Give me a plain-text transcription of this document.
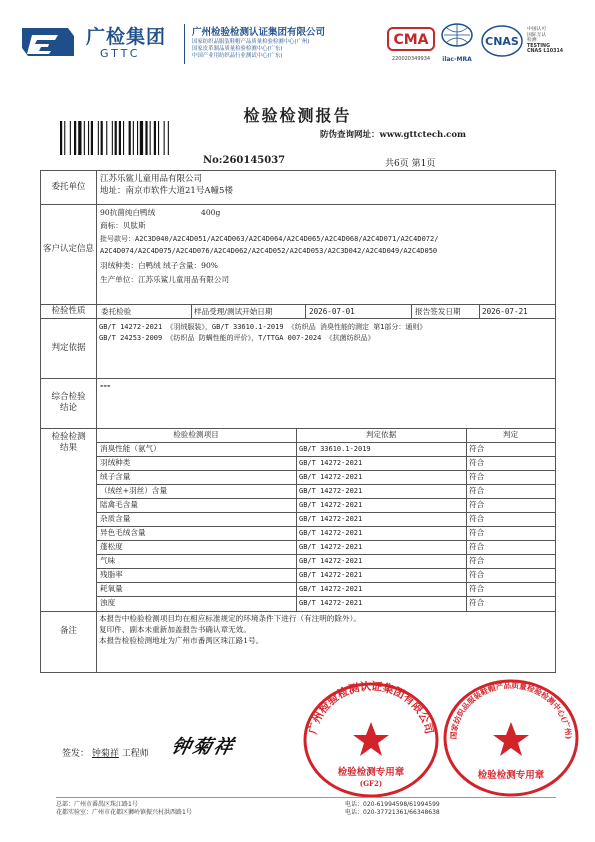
广检集团
GTTC
广州检验检测认证集团有限公司
国家纺织品服装鞋帽产品质量检验检测中心(广州)
国家皮革制品质量检验检测中心(广东)
中国产业用纺织品行业测试中心(广东)
CMA
220020349934	ilac-MRA
CNAS
中国认可
国际互认
检测
TESTING
CNAS L10314
检验检测报告
防伪查询网址：www.gttctech.com
No:260145037	共6页 第1页
委托单位
江苏乐鲨儿童用品有限公司
地址：南京市软件大道21号A幢5楼
客户认定信息
90抗菌纯白鸭绒	400g
商标：贝肽斯
批号款号：A2C3D040/A2C4D051/A2C4D063/A2C4D064/A2C4D065/A2C4D068/A2C4D071/A2C4D072/
A2C4D074/A2C4D075/A2C4D076/A2C4D062/A2C4D052/A2C4D053/A2C3D042/A2C4D049/A2C4D050
羽绒种类：白鸭绒 绒子含量：90%
生产单位：江苏乐鲨儿童用品有限公司
检验性质	委托检验	样品受理/测试开始日期	2026-07-01	报告签发日期	2026-07-21
判定依据
GB/T 14272-2021 《羽绒服装》，GB/T 33610.1-2019 《纺织品 消臭性能的测定 第1部分：通则》
GB/T 24253-2009 《纺织品 防螨性能的评价》，T/TTGA 007-2024 《抗菌纺织品》
综合检验
结论
---
检验检测
结果
检验检测项目	判定依据	判定
消臭性能（氨气）	GB/T 33610.1-2019	符合
羽绒种类	GB/T 14272-2021	符合
绒子含量	GB/T 14272-2021	符合
（绒丝+羽丝）含量	GB/T 14272-2021	符合
陆禽毛含量	GB/T 14272-2021	符合
杂质含量	GB/T 14272-2021	符合
异色毛绒含量	GB/T 14272-2021	符合
蓬松度	GB/T 14272-2021	符合
气味	GB/T 14272-2021	符合
残脂率	GB/T 14272-2021	符合
耗氧量	GB/T 14272-2021	符合
浊度	GB/T 14272-2021	符合
备注
本报告中检验检测项目均在相应标准规定的环境条件下进行（有注明的除外）。
复印件、副本未重新加盖报告书确认章无效。
本报告检验检测地址为广州市番禺区珠江路1号。
广州检验检测认证集团有限公司
检验检测专用章
(GF2)
国家纺织品服装鞋帽产品质量检验检测中心(广州)
检验检测专用章
签发： 钟菊祥 工程师 钟菊祥
总部：广州市番禺区珠江路1号
花都实验室：广州市花都区狮岭镇振兴村洪西路1号
电话：020-61994598/61994599
电话：020-37721361/66348638
